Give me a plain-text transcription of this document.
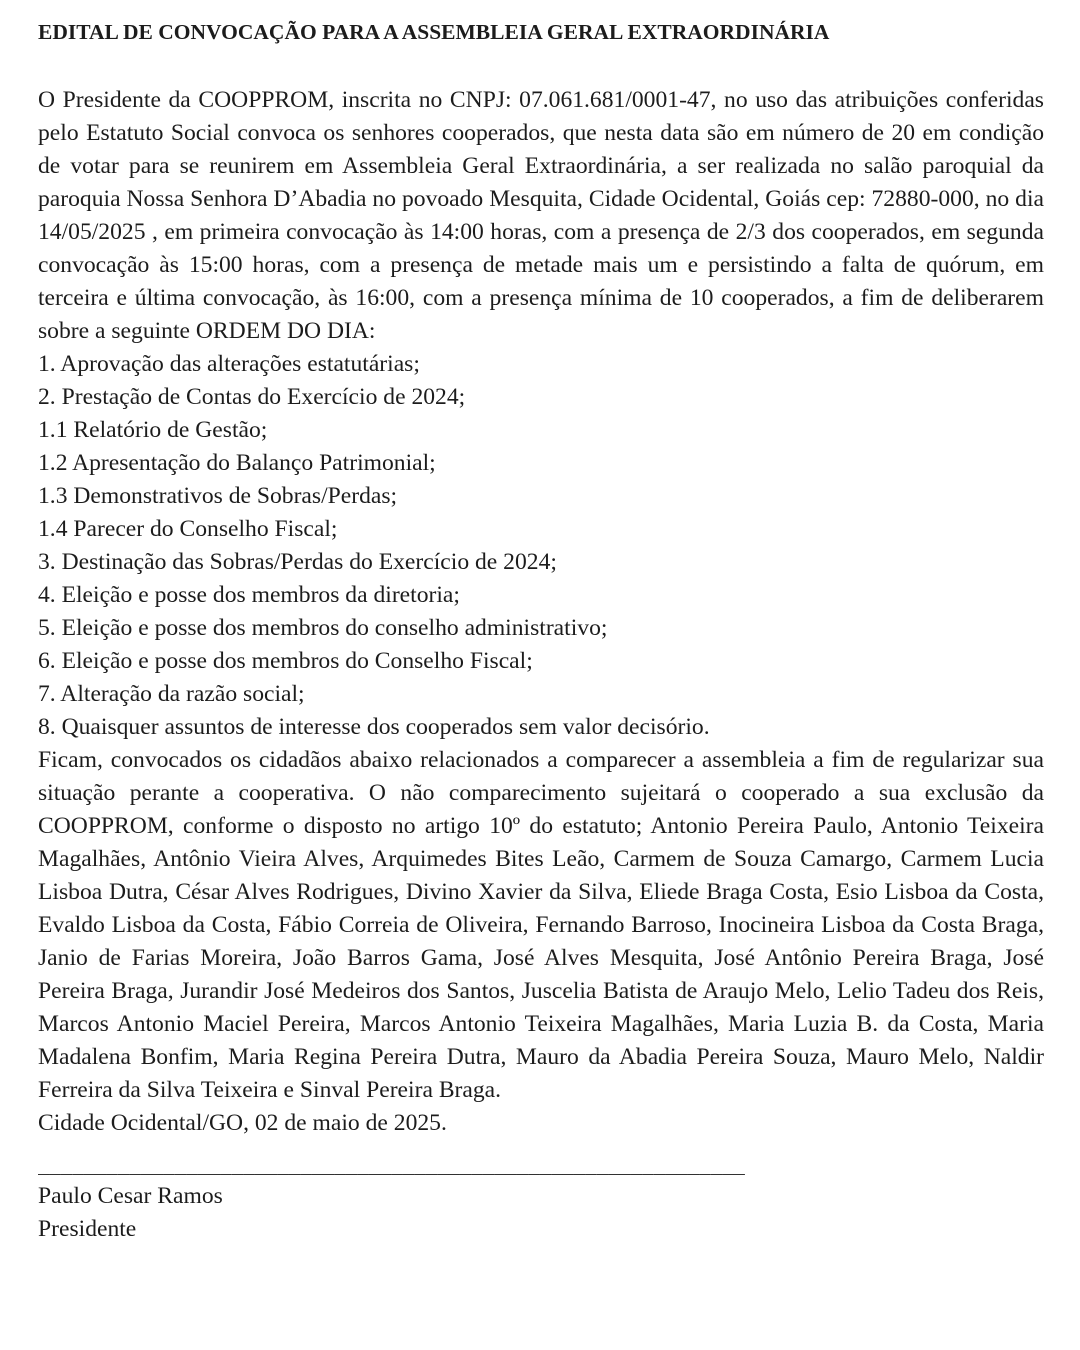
EDITAL DE CONVOCAÇÃO PARA A ASSEMBLEIA GERAL EXTRAORDINÁRIA

O Presidente da COOPPROM, inscrita no CNPJ: 07.061.681/0001-47, no uso das atribuições conferidas pelo Estatuto Social convoca os senhores cooperados, que nesta data são em número de 20 em condição de votar para se reunirem em Assembleia Geral Extraordinária, a ser realizada no salão paroquial da paroquia Nossa Senhora D’Abadia no povoado Mesquita, Cidade Ocidental, Goiás cep: 72880-000, no dia 14/05/2025 , em primeira convocação às 14:00 horas, com a presença de 2/3 dos cooperados, em segunda convocação às 15:00 horas, com a presença de metade mais um e persistindo a falta de quórum, em terceira e última convocação, às 16:00, com a presença mínima de 10 cooperados, a fim de deliberarem sobre a seguinte ORDEM DO DIA:

1. Aprovação das alterações estatutárias;
2. Prestação de Contas do Exercício de 2024;
1.1 Relatório de Gestão;
1.2 Apresentação do Balanço Patrimonial;
1.3 Demonstrativos de Sobras/Perdas;
1.4 Parecer do Conselho Fiscal;
3. Destinação das Sobras/Perdas do Exercício de 2024;
4. Eleição e posse dos membros da diretoria;
5. Eleição e posse dos membros do conselho administrativo;
6. Eleição e posse dos membros do Conselho Fiscal;
7. Alteração da razão social;
8. Quaisquer assuntos de interesse dos cooperados sem valor decisório.

Ficam, convocados os cidadãos abaixo relacionados a comparecer a assembleia a fim de regularizar sua situação perante a cooperativa. O não comparecimento sujeitará o cooperado a sua exclusão da COOPPROM, conforme o disposto no artigo 10º do estatuto; Antonio Pereira Paulo, Antonio Teixeira Magalhães, Antônio Vieira Alves, Arquimedes Bites Leão, Carmem de Souza Camargo, Carmem Lucia Lisboa Dutra, César Alves Rodrigues, Divino Xavier da Silva, Eliede Braga Costa, Esio Lisboa da Costa, Evaldo Lisboa da Costa, Fábio Correia de Oliveira, Fernando Barroso, Inocineira Lisboa da Costa Braga, Janio de Farias Moreira, João Barros Gama, José Alves Mesquita, José Antônio Pereira Braga, José Pereira Braga, Jurandir José Medeiros dos Santos, Juscelia Batista de Araujo Melo, Lelio Tadeu dos Reis, Marcos Antonio Maciel Pereira, Marcos Antonio Teixeira Magalhães, Maria Luzia B. da Costa, Maria Madalena Bonfim, Maria Regina Pereira Dutra, Mauro da Abadia Pereira Souza, Mauro Melo, Naldir Ferreira da Silva Teixeira e Sinval Pereira Braga.

Cidade Ocidental/GO, 02 de maio de 2025.

______________________________________________________________

Paulo Cesar Ramos

Presidente
